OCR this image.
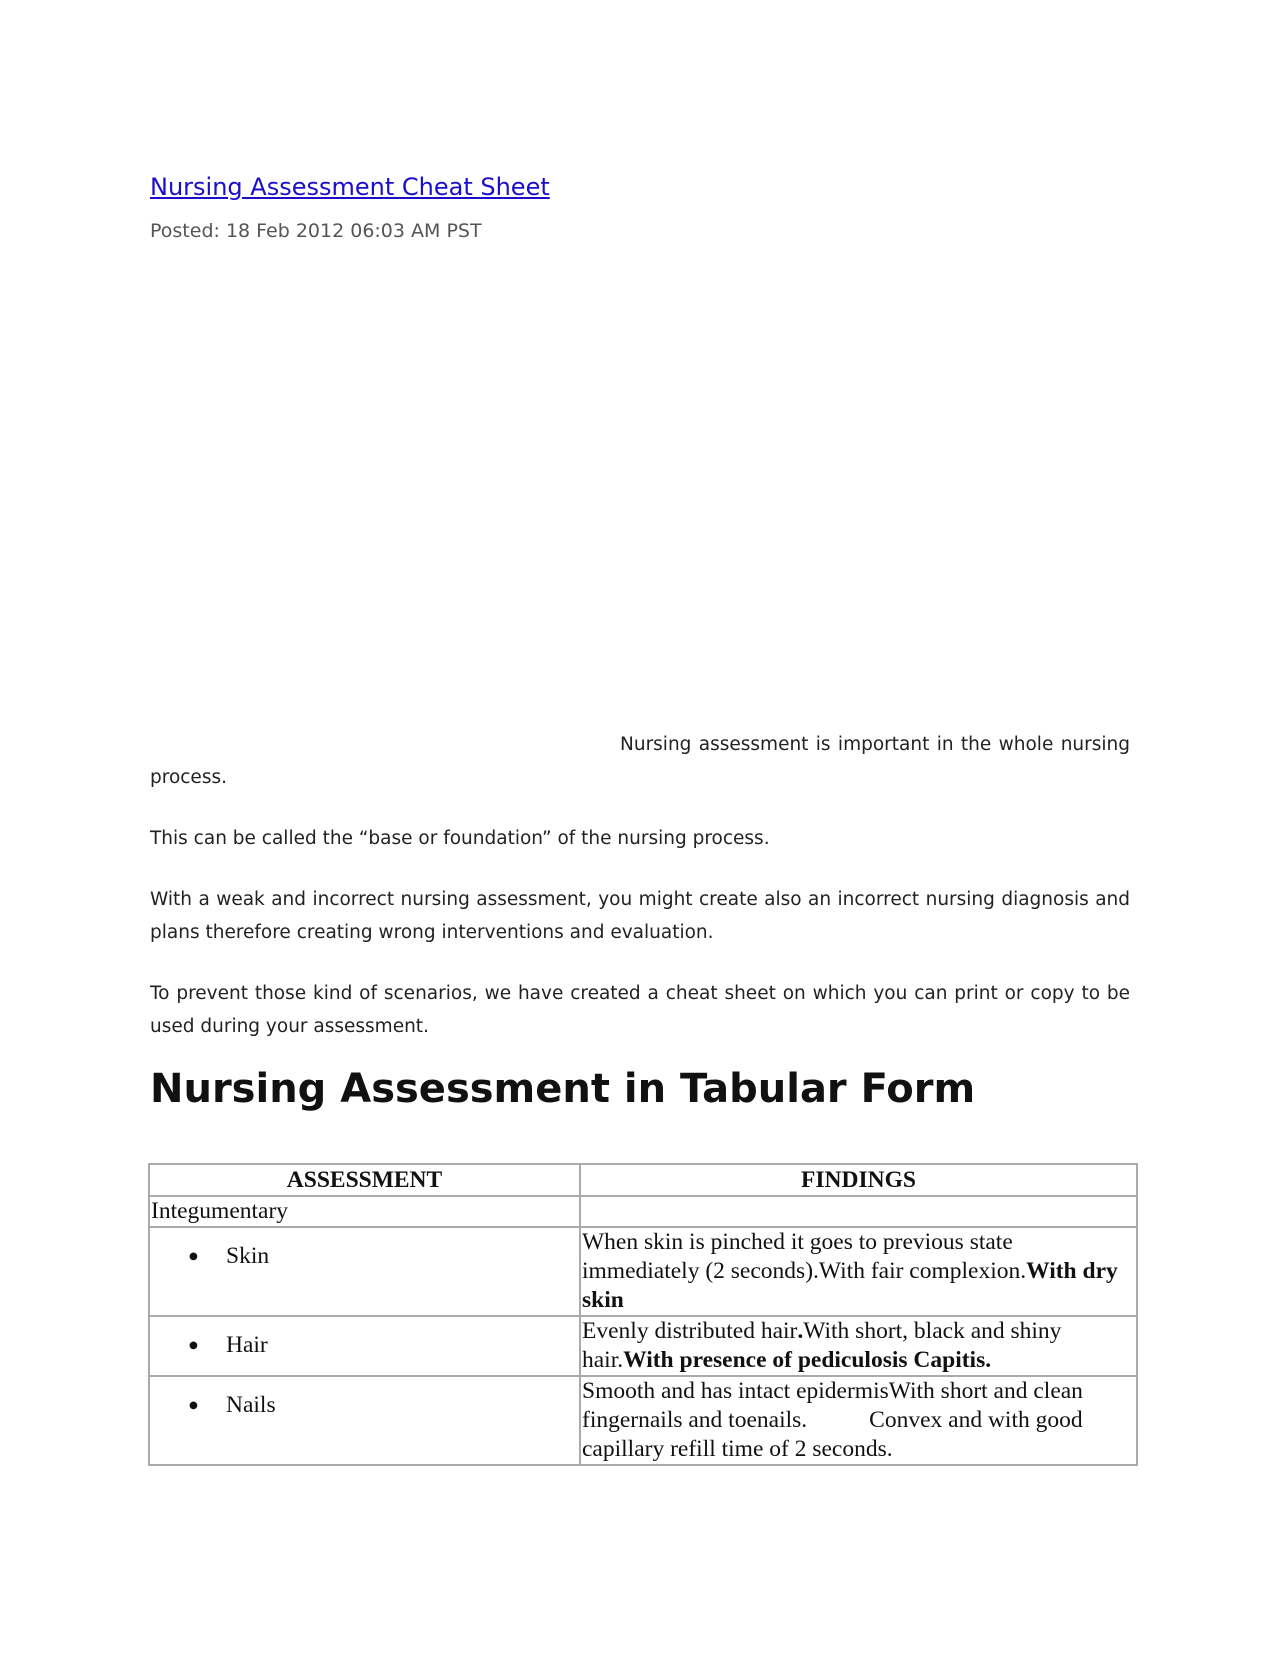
Nursing Assessment Cheat Sheet
Posted: 18 Feb 2012 06:03 AM PST

Nursing assessment is important in the whole nursing process.

This can be called the “base or foundation” of the nursing process.

With a weak and incorrect nursing assessment, you might create also an incorrect nursing diagnosis and plans therefore creating wrong interventions and evaluation.

To prevent those kind of scenarios, we have created a cheat sheet on which you can print or copy to be used during your assessment.

Nursing Assessment in Tabular Form
ASSESSMENT	FINDINGS
Integumentary	

● Skin	When skin is pinched it goes to previous state immediately (2 seconds).With fair complexion.With dry skin

● Hair	Evenly distributed hair.With short, black and shiny hair.With presence of pediculosis Capitis.

● Nails	Smooth and has intact epidermisWith short and clean fingernails and toenails. Convex and with good capillary refill time of 2 seconds.
